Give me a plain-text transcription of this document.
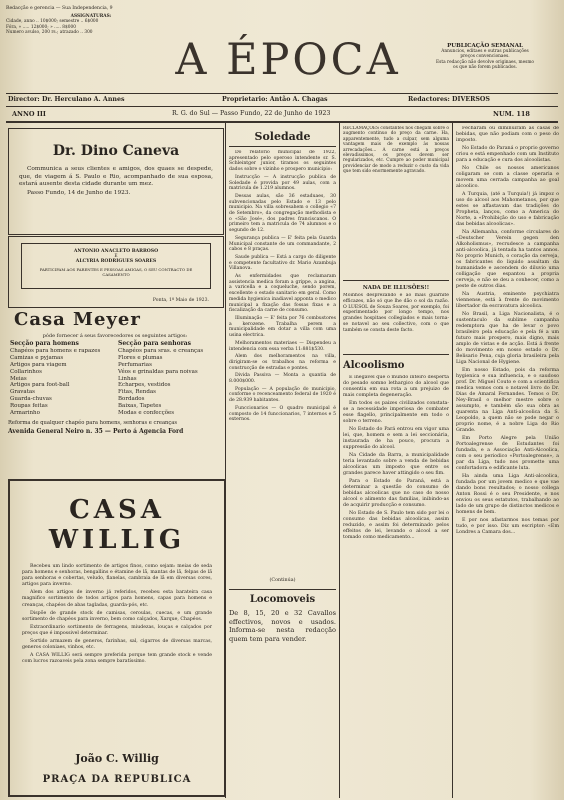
Redacção e gerencia — Sua Independencia, 9
ASSIGNATURAS:
Cidade, anno .. 10$000; semestre .. 6$000
Fóra, » ..... 12$000; » ..... 8$000
Numero avulso, 200 rs.; atrazado .. 300
A ÉPOCA	PUBLICAÇÃO SEMANAL
Annuncios, editaes e outras publicações
preços convencionaes.
Esta redacção não devolve originaes, mesmo
os que não forem publicados.
Director: Dr. Herculano A. Annes	Proprietario: Antão A. Chagas	Redactores: DIVERSOS
ANNO III	R. G. do Sul — Passo Fundo, 22 de Junho de 1923	NUM. 118
Dr. Dino Caneva
Communica a seus clientes e amigos, dos quaes se despede, que, de viagem á S. Paulo e Rio, acompanhado de sua esposa, estará ausente desta cidade durante um mez.
Passo Fundo, 14 de Junho de 1923.
ANTONIO ANACLETO BARROSO
E
ALCYRIA RODRIGUES SOARES
PARTICIPAM AOS PARENTES E PESSOAS AMIGAS, O SEU CONTRACTO DE CASAMENTO
Ponta, 1º Maio de 1923.
Casa Meyer
póde fornecer á seus favorecedores os seguintes artigos:
Secção para homens	Secção para senhoras
Chapéos para homens e rapazes	Chapéos para sras. e creanças
Camizas e pyjamas	Flores e plumas
Artigos para viagem	Perfumarias
Collarinhos	Véos e grinaldas para noivas
Meias	Linhas
Artigos para foot-ball	Echarpes, vestidos
Gravatas	Fitas, Rendas
Guarda-chuvas	Bordados
Roupas feitas	Baixas, Tapetes
Armarinho	Modas e confecções
Reforma de qualquer chapéo para homens, senhoras e creanças
Avenida General Neiro n. 35 — Perto á Agencia Ford
CASA WILLIG

Recebeu um lindo sortimento de artigos finos, como sejam: meias de seda para homens e senhoras, bengallins e étamine de lã, mantas de lã, felpas de lã para senhoras e cobertas, veludo, flanelas, cambraia de lã em diversas cores, artigos para inverno.

Alem dos artigos de inverno já referidos, recebeu esta barateira casa magnifico sortimento de todos artigos para homens, capas para homens e creanças, chapéos de abas tagladas, guarda-pós, etc.

Dispõe de grande stock de camisas, ceroulas, cuecas, e um grande sortimento de chapéos para inverno, bem como calçados, Xarque, Chapéos.

Extraordinario sortimento de ferragens, miudezas, louças e calçados por preços que é impossivel determinar.

Sortido armazem de generos, farinhas, sal, cigarros de diversas marcas, generos coloniaes, vinhos, etc.

A CASA WILLIG será sempre preferida porque tem grande stock e vende com lucros razoaveis pela zona sempre baratíssimo.

João C. Willig
PRAÇA DA REPUBLICA
Soledade

Do relatorio municipal de 1922, apresentado pelo operoso intendente sr. S. Schleintger junior, tiramos os seguintes dados sobre o vizinho e prospero municipio:

Instrucção — A instrucção publica de Soledade é provida por 49 aulas, com a matricula de 1.219 alumnos.

Dessas aulas, são 36 estaduaes, 30 subvencionadas pelo Estado e 13 pelo municipio. Na villa sobresahem o collegio «7 de Setembro», da congregação methodista e o «São José», dos padres franciscanos. O primeiro tem a matricula de 74 alumnos e o segundo de 12.

Segurança publica — E' feita pela Guarda Municipal constante de um commandante, 2 cabos e 8 praças.

Saude publica — Está a cargo do diligente e competente facultativo dr. Mario Azambuja Villanova.

As enfermidades que reclamaram assistencia medica foram a grippe, a angina, a varicella e a coqueluche, sendo porem, excellente o estado sanitario em geral. Como medida hygienica inadiavel apponta o medico municipal a fixação das fossas fixas e a fiscalização da carne de consumo.

Illuminação — E' feita por 76 combustores a kerozene. Trabalha perem a municipalidade em dotar a villa com uma usina electrica.

Melhoramentos materiaes — Dispendeu a intendencia com essa verba 11:881$530.

Alem dos melhoramentos na villa, dirigiram-se os trabalhos na reforma e construcção de estradas e pontes.

Divida Passiva — Monta a quantia de 8.000$000.

População — A população do municipio, conforme o recenceamento federal de 1920 é de 28.939 habitantes.

Funccionarios — O quadro municipal é composto de 14 funccionarios, 7 internos e 5 externos.

(Continúa)
Locomoveis
De 8, 15, 20 e 32 Cavallos effectivos, novos e usados. Informa-se nesta redacção quem tem para vender.
RECLAMAÇÕES constantes nos chegam sobre o augmento continuo do preço da carne. Ha, apparentemente, tudo a culpar, sem alguma vantagem mais de exemplo às nossas arrecadações... A carne está a preços elevadissimos, os preços devem ser regularizados, etc. Cumpre ao poder municipal providenciar de modo a reduzir o custo da vida que tem sido enormemente agravado.
NADA DE ILLUSÕES!!
Moinhos desprezando e ao mais guarnite efficazes, não só que lhe dão o sol da razão. O LUESOL de Souza Soares, por exemplo, foi experimentado por longo tempo, nos grandes hospitaes collegiados e mais torna-se notavel ao seu collectivo, com o que também se consta deste facto.
Alcoolismo

E inegavel que o mundo inteiro desperta do pesado somno lethargico do alcool que consentiu em sua rota a um prejuizo de mais completa degeneração.

Em todos os paizes civilizados constata-se a necessidade imperiosa de combater esse flagello, principalmente em todo o sobre o terreno.

No Estado do Pará entrou em vigor uma lei, que, homem e sem a lei seccionária, instaurada de ha pouco, procura a suppressão do alcool.

Na Cidade da Barra, a municipalidade teria levantado sobre a venda de bebidas alcoolicas um imposto que entre os grandes parece haver attingido o seu fim.

Para o Estado do Paraná, está a determinar a questão do consumo de bebidas alcoolicas que no caso do nosso alcool o alimento das familias, inibindo-as de acquirir producção e consumo.

No Estado de S. Paulo tem sido por lei o consumo das bebidas alcoolicas, assim reduzido, e assim foi determinado pelos effeitos de lei, levando o alcool a ser tomado como medicamento...

Fecharam ou diminuiram as casas de bebidas, que não podiam com o peso do imposto.

No Estado do Paraná o proprio governo criou e está empenhado com um Instituto para a educação e cura dos alcoolistas.

No Chile os nossos americanos coligaram se com a classe operaria e movem uma cerrada campanha ao goal alcoolico.

A Turquia, (até a Turquia!) já impoz o uso do alcool aos Mahometanos, por que estes se affastavam das tradições do Propheta, lançou, como a America do Norte, a «Prohibição do uso e fabricação das bebidas alcoolicas».

Na Allemanha, conforme circulares do «Deutscher Verein gegen den Alkoholismus», recrudesce a campanha anti-alcoolica, já tentada ha tantos annos. No proprio Munich, o coração da cerveja, os fabricantes do liquido assaltam da humanidade e ascendem do diluvio uma colligação que espantou a propria cerveja, e não se deu a conhecer, como a peste de outros dias.

Na Austria, eminente psychiatra viennense, está à frente do movimento libertador da escravatura alcoolica.

No Brasil, a Liga Nacionalista, é o sustentaculo da sublime campanha redemptora que ha de levar o povo brasileiro pela educação e pela fé a um futuro mais prospero, mais digno, mais amplo de vistas e de acção. Está á frente do movimento em nosso estado o Dr. Belisario Pena, cuja gloria brasileira pela Liga Nacional de Hygiene.

Em nosso Estado, pois da reforma hygienica e sua influencia, e o saudoso prof. Dr. Miguel Couto e com a scientifica medica vemos com o notavel livro do Dr. Dias de Amaral Fernandes. Temos o Dr. Ney-Brasil o melhor mestre sobre o assumpto, e também são sua obra as quarenta na Liga Anti-alcoolica da S. Leopoldo, a quem não se pode negar o proprio nome, é a nobre Liga do Rio Grande.

Em Porto Alegre pela União Portoalegrense de Estudantes foi fundada, e a Associação Anti-Alcoolica, com o seu periodico «Portoalegrense», a par da Liga, tudo nos promette uma confortadora e edificante luta.

Ha ainda uma Liga Anti-alcoolica, fundada por um jovem medico e que vae dando bons resultados; o nosso collega Anton Rossi é o seu Presidente, e nos enviou os seus estatutos, trabalhando ao lado de um grupo de distinctos medicos e homens de bem.

E por nos afastarmos nos temas por tudo, e por isso. Diz um escriptor: «Em Londres a Camara dos...
